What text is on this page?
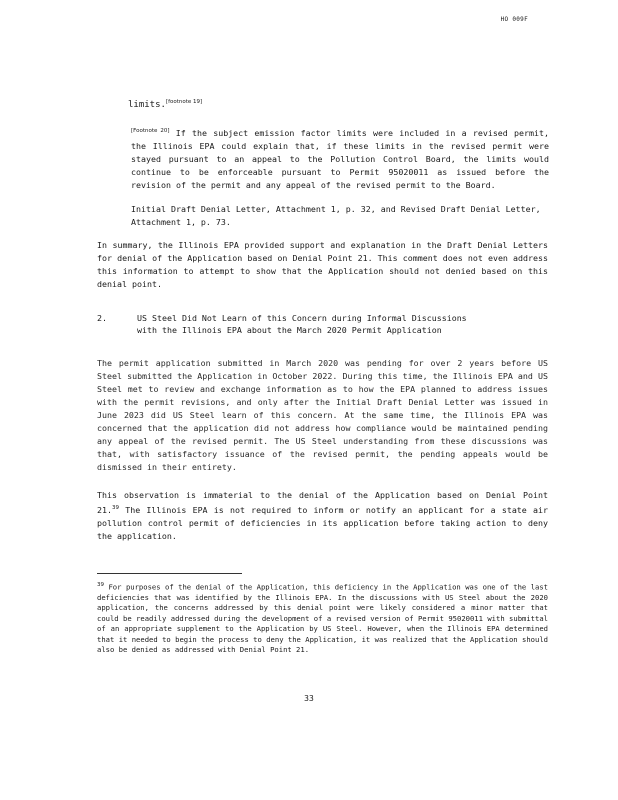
HO 009F
limits.[footnote 19]
[Footnote 20] If the subject emission factor limits were included in a revised permit, the Illinois EPA could explain that, if these limits in the revised permit were stayed pursuant to an appeal to the Pollution Control Board, the limits would continue to be enforceable pursuant to Permit 95020011 as issued before the revision of the permit and any appeal of the revised permit to the Board.
Initial Draft Denial Letter, Attachment 1, p. 32, and Revised Draft Denial Letter, Attachment 1, p. 73.
In summary, the Illinois EPA provided support and explanation in the Draft Denial Letters for denial of the Application based on Denial Point 21. This comment does not even address this information to attempt to show that the Application should not denied based on this denial point.
2.	US Steel Did Not Learn of this Concern during Informal Discussions with the Illinois EPA about the March 2020 Permit Application
The permit application submitted in March 2020 was pending for over 2 years before US Steel submitted the Application in October 2022. During this time, the Illinois EPA and US Steel met to review and exchange information as to how the EPA planned to address issues with the permit revisions, and only after the Initial Draft Denial Letter was issued in June 2023 did US Steel learn of this concern. At the same time, the Illinois EPA was concerned that the application did not address how compliance would be maintained pending any appeal of the revised permit. The US Steel understanding from these discussions was that, with satisfactory issuance of the revised permit, the pending appeals would be dismissed in their entirety.
This observation is immaterial to the denial of the Application based on Denial Point 21.39 The Illinois EPA is not required to inform or notify an applicant for a state air pollution control permit of deficiencies in its application before taking action to deny the application.
$^{39}$ For purposes of the denial of the Application, this deficiency in the Application was one of the last deficiencies that was identified by the Illinois EPA. In the discussions with US Steel about the 2020 application, the concerns addressed by this denial point were likely considered a minor matter that could be readily addressed during the development of a revised version of Permit 95020011 with submittal of an appropriate supplement to the Application by US Steel. However, when the Illinois EPA determined that it needed to begin the process to deny the Application, it was realized that the Application should also be denied as addressed with Denial Point 21.
33
